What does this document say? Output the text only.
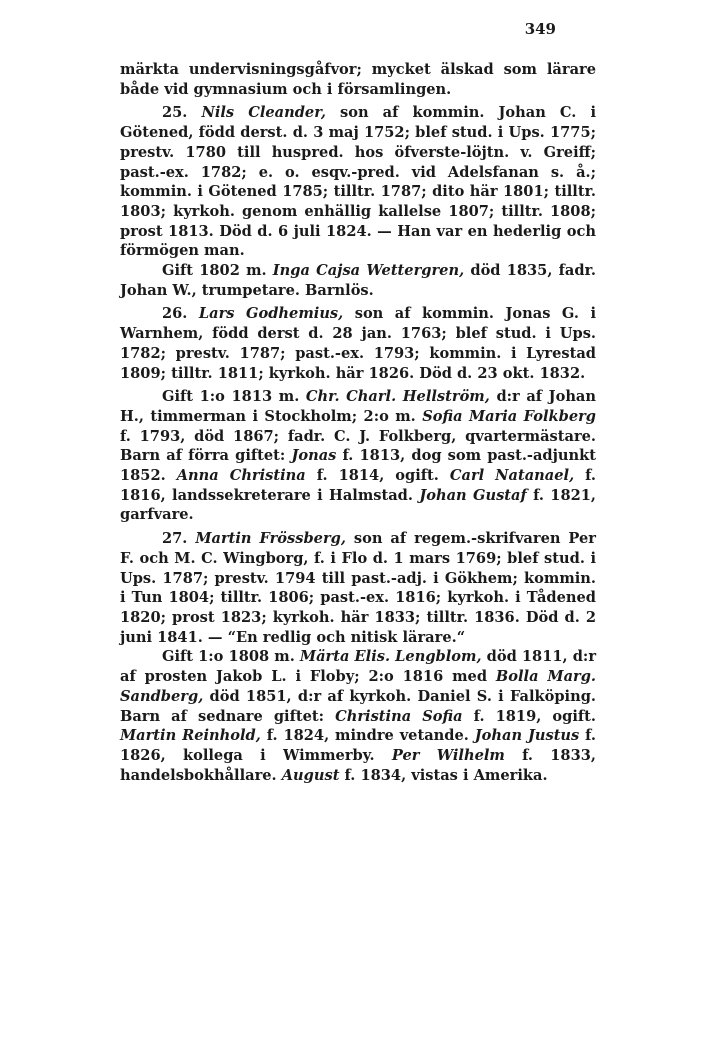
349

märkta undervisningsgåfvor; mycket älskad som lärare både vid gymnasium och i församlingen.

25. Nils Cleander, son af kommin. Johan C. i Götened, född derst. d. 3 maj 1752; blef stud. i Ups. 1775; prestv. 1780 till huspred. hos öfverste-löjtn. v. Greiff; past.-ex. 1782; e. o. esqv.-pred. vid Adelsfanan s. å.; kommin. i Götened 1785; tilltr. 1787; dito här 1801; tilltr. 1803; kyrkoh. genom enhällig kallelse 1807; tilltr. 1808; prost 1813. Död d. 6 juli 1824. — Han var en hederlig och förmögen man.

Gift 1802 m. Inga Cajsa Wettergren, död 1835, fadr. Johan W., trumpetare. Barnlös.

26. Lars Godhemius, son af kommin. Jonas G. i Warnhem, född derst d. 28 jan. 1763; blef stud. i Ups. 1782; prestv. 1787; past.-ex. 1793; kommin. i Lyrestad 1809; tilltr. 1811; kyrkoh. här 1826. Död d. 23 okt. 1832.

Gift 1:o 1813 m. Chr. Charl. Hellström, d:r af Johan H., timmerman i Stockholm; 2:o m. Sofia Maria Folkberg f. 1793, död 1867; fadr. C. J. Folkberg, qvartermästare. Barn af förra giftet: Jonas f. 1813, dog som past.-adjunkt 1852. Anna Christina f. 1814, ogift. Carl Natanael, f. 1816, landssekreterare i Halmstad. Johan Gustaf f. 1821, garfvare.

27. Martin Frössberg, son af regem.-skrifvaren Per F. och M. C. Wingborg, f. i Flo d. 1 mars 1769; blef stud. i Ups. 1787; prestv. 1794 till past.-adj. i Gökhem; kommin. i Tun 1804; tilltr. 1806; past.-ex. 1816; kyrkoh. i Tådened 1820; prost 1823; kyrkoh. här 1833; tilltr. 1836. Död d. 2 juni 1841. — “En redlig och nitisk lärare.“

Gift 1:o 1808 m. Märta Elis. Lengblom, död 1811, d:r af prosten Jakob L. i Floby; 2:o 1816 med Bolla Marg. Sandberg, död 1851, d:r af kyrkoh. Daniel S. i Falköping. Barn af sednare giftet: Christina Sofia f. 1819, ogift. Martin Reinhold, f. 1824, mindre vetande. Johan Justus f. 1826, kollega i Wimmerby. Per Wilhelm f. 1833, handelsbokhållare. August f. 1834, vistas i Amerika.
